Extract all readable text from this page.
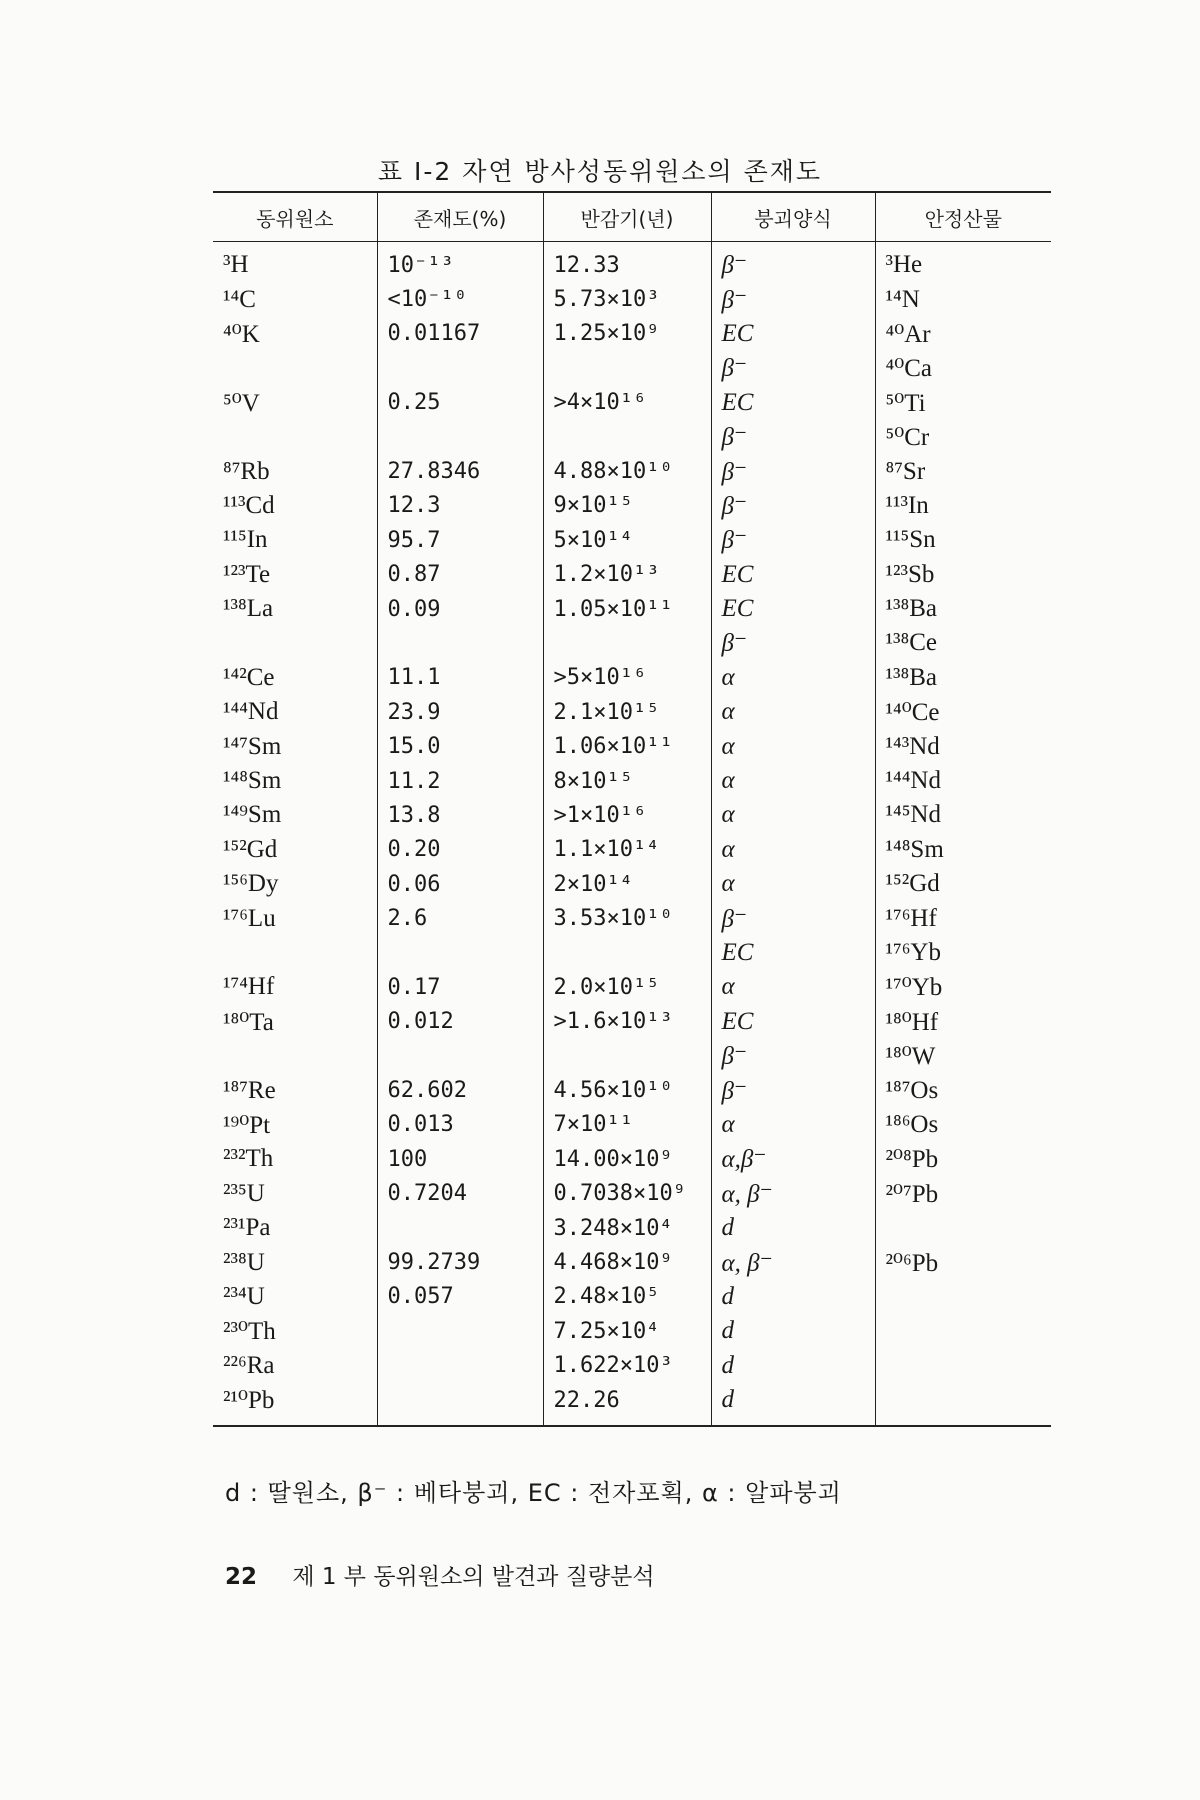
표 I-2 자연 방사성동위원소의 존재도
동위원소	존재도(%)	반감기(년)	붕괴양식	안정산물
³H	10⁻¹³	12.33	β⁻	³He
¹⁴C	<10⁻¹⁰	5.73×10³	β⁻	¹⁴N
⁴⁰K	0.01167	1.25×10⁹	EC	⁴⁰Ar
			β⁻	⁴⁰Ca
⁵⁰V	0.25	>4×10¹⁶	EC	⁵⁰Ti
			β⁻	⁵⁰Cr
⁸⁷Rb	27.8346	4.88×10¹⁰	β⁻	⁸⁷Sr
¹¹³Cd	12.3	9×10¹⁵	β⁻	¹¹³In
¹¹⁵In	95.7	5×10¹⁴	β⁻	¹¹⁵Sn
¹²³Te	0.87	1.2×10¹³	EC	¹²³Sb
¹³⁸La	0.09	1.05×10¹¹	EC	¹³⁸Ba
			β⁻	¹³⁸Ce
¹⁴²Ce	11.1	>5×10¹⁶	α	¹³⁸Ba
¹⁴⁴Nd	23.9	2.1×10¹⁵	α	¹⁴⁰Ce
¹⁴⁷Sm	15.0	1.06×10¹¹	α	¹⁴³Nd
¹⁴⁸Sm	11.2	8×10¹⁵	α	¹⁴⁴Nd
¹⁴⁹Sm	13.8	>1×10¹⁶	α	¹⁴⁵Nd
¹⁵²Gd	0.20	1.1×10¹⁴	α	¹⁴⁸Sm
¹⁵⁶Dy	0.06	2×10¹⁴	α	¹⁵²Gd
¹⁷⁶Lu	2.6	3.53×10¹⁰	β⁻	¹⁷⁶Hf
			EC	¹⁷⁶Yb
¹⁷⁴Hf	0.17	2.0×10¹⁵	α	¹⁷⁰Yb
¹⁸⁰Ta	0.012	>1.6×10¹³	EC	¹⁸⁰Hf
			β⁻	¹⁸⁰W
¹⁸⁷Re	62.602	4.56×10¹⁰	β⁻	¹⁸⁷Os
¹⁹⁰Pt	0.013	7×10¹¹	α	¹⁸⁶Os
²³²Th	100	14.00×10⁹	α,β⁻	²⁰⁸Pb
²³⁵U	0.7204	0.7038×10⁹	α, β⁻	²⁰⁷Pb
²³¹Pa		3.248×10⁴	d	
²³⁸U	99.2739	4.468×10⁹	α, β⁻	²⁰⁶Pb
²³⁴U	0.057	2.48×10⁵	d	
²³⁰Th		7.25×10⁴	d	
²²⁶Ra		1.622×10³	d	
²¹⁰Pb		22.26	d	
d : 딸원소, β⁻ : 베타붕괴, EC : 전자포획, α : 알파붕괴
22 제 1 부 동위원소의 발견과 질량분석
